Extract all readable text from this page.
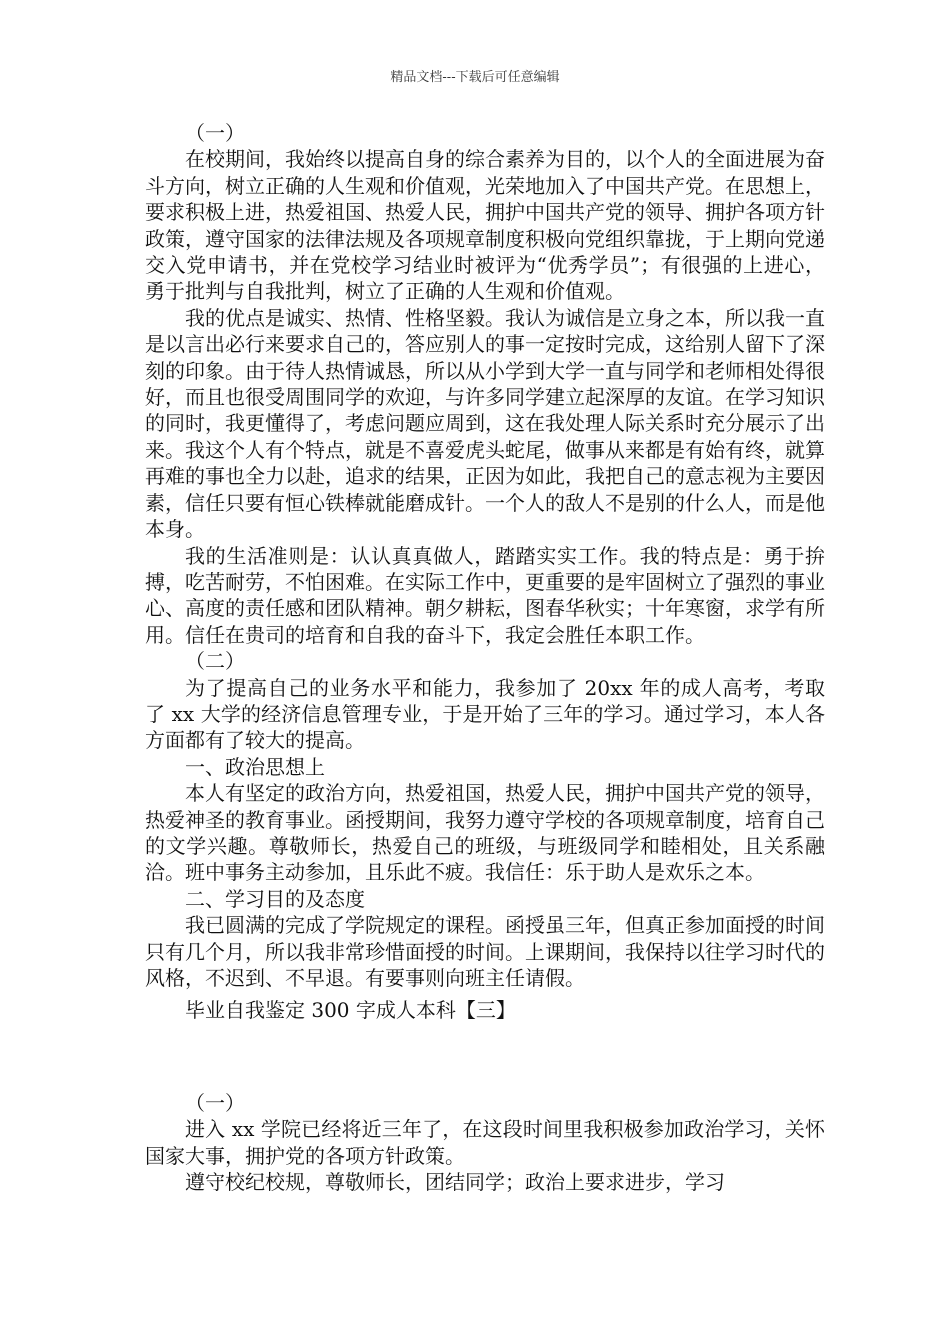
精品文档---下载后可任意编辑

（一）

在校期间，我始终以提高自身的综合素养为目的，以个人的全面进展为奋斗方向，树立正确的人生观和价值观，光荣地加入了中国共产党。在思想上，要求积极上进，热爱祖国、热爱人民，拥护中国共产党的领导、拥护各项方针政策，遵守国家的法律法规及各项规章制度积极向党组织靠拢，于上期向党递交入党申请书，并在党校学习结业时被评为“优秀学员”；有很强的上进心，勇于批判与自我批判，树立了正确的人生观和价值观。

我的优点是诚实、热情、性格坚毅。我认为诚信是立身之本，所以我一直是以言出必行来要求自己的，答应别人的事一定按时完成，这给别人留下了深刻的印象。由于待人热情诚恳，所以从小学到大学一直与同学和老师相处得很好，而且也很受周围同学的欢迎，与许多同学建立起深厚的友谊。在学习知识的同时，我更懂得了，考虑问题应周到，这在我处理人际关系时充分展示了出来。我这个人有个特点，就是不喜爱虎头蛇尾，做事从来都是有始有终，就算再难的事也全力以赴，追求的结果，正因为如此，我把自己的意志视为主要因素，信任只要有恒心铁棒就能磨成针。一个人的敌人不是别的什么人，而是他本身。

我的生活准则是：认认真真做人，踏踏实实工作。我的特点是：勇于拚搏，吃苦耐劳，不怕困难。在实际工作中，更重要的是牢固树立了强烈的事业心、高度的责任感和团队精神。朝夕耕耘，图春华秋实；十年寒窗，求学有所用。信任在贵司的培育和自我的奋斗下，我定会胜任本职工作。

（二）

为了提高自己的业务水平和能力，我参加了 20xx 年的成人高考，考取了 xx 大学的经济信息管理专业，于是开始了三年的学习。通过学习，本人各方面都有了较大的提高。

一、政治思想上

本人有坚定的政治方向，热爱祖国，热爱人民，拥护中国共产党的领导，热爱神圣的教育事业。函授期间，我努力遵守学校的各项规章制度，培育自己的文学兴趣。尊敬师长，热爱自己的班级，与班级同学和睦相处，且关系融洽。班中事务主动参加，且乐此不疲。我信任：乐于助人是欢乐之本。

二、学习目的及态度

我已圆满的完成了学院规定的课程。函授虽三年，但真正参加面授的时间只有几个月，所以我非常珍惜面授的时间。上课期间，我保持以往学习时代的风格，不迟到、不早退。有要事则向班主任请假。

毕业自我鉴定 300 字成人本科【三】

（一）

进入 xx 学院已经将近三年了，在这段时间里我积极参加政治学习，关怀国家大事，拥护党的各项方针政策。

遵守校纪校规，尊敬师长，团结同学；政治上要求进步，学习
